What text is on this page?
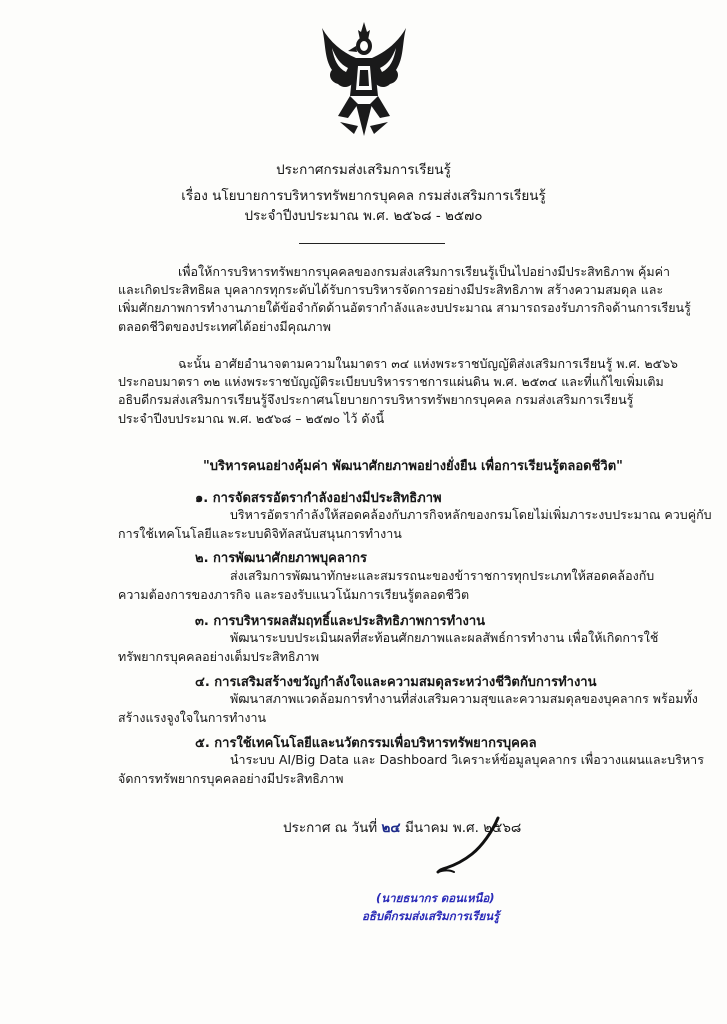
ประกาศกรมส่งเสริมการเรียนรู้
เรื่อง นโยบายการบริหารทรัพยากรบุคคล กรมส่งเสริมการเรียนรู้
ประจำปีงบประมาณ พ.ศ. ๒๕๖๘ - ๒๕๗๐
เพื่อให้การบริหารทรัพยากรบุคคลของกรมส่งเสริมการเรียนรู้เป็นไปอย่างมีประสิทธิภาพ คุ้มค่า
และเกิดประสิทธิผล บุคลากรทุกระดับได้รับการบริหารจัดการอย่างมีประสิทธิภาพ สร้างความสมดุล และ
เพิ่มศักยภาพการทำงานภายใต้ข้อจำกัดด้านอัตรากำลังและงบประมาณ สามารถรองรับภารกิจด้านการเรียนรู้
ตลอดชีวิตของประเทศได้อย่างมีคุณภาพ
ฉะนั้น อาศัยอำนาจตามความในมาตรา ๓๔ แห่งพระราชบัญญัติส่งเสริมการเรียนรู้ พ.ศ. ๒๕๖๖
ประกอบมาตรา ๓๒ แห่งพระราชบัญญัติระเบียบบริหารราชการแผ่นดิน พ.ศ. ๒๕๓๔ และที่แก้ไขเพิ่มเติม
อธิบดีกรมส่งเสริมการเรียนรู้จึงประกาศนโยบายการบริหารทรัพยากรบุคคล กรมส่งเสริมการเรียนรู้
ประจำปีงบประมาณ พ.ศ. ๒๕๖๘ – ๒๕๗๐ ไว้ ดังนี้
"บริหารคนอย่างคุ้มค่า พัฒนาศักยภาพอย่างยั่งยืน เพื่อการเรียนรู้ตลอดชีวิต"
๑. การจัดสรรอัตรากำลังอย่างมีประสิทธิภาพ
บริหารอัตรากำลังให้สอดคล้องกับภารกิจหลักของกรมโดยไม่เพิ่มภาระงบประมาณ ควบคู่กับ
การใช้เทคโนโลยีและระบบดิจิทัลสนับสนุนการทำงาน
๒. การพัฒนาศักยภาพบุคลากร
ส่งเสริมการพัฒนาทักษะและสมรรถนะของข้าราชการทุกประเภทให้สอดคล้องกับ
ความต้องการของภารกิจ และรองรับแนวโน้มการเรียนรู้ตลอดชีวิต
๓. การบริหารผลสัมฤทธิ์และประสิทธิภาพการทำงาน
พัฒนาระบบประเมินผลที่สะท้อนศักยภาพและผลสัพธ์การทำงาน เพื่อให้เกิดการใช้
ทรัพยากรบุคคลอย่างเต็มประสิทธิภาพ
๔. การเสริมสร้างขวัญกำลังใจและความสมดุลระหว่างชีวิตกับการทำงาน
พัฒนาสภาพแวดล้อมการทำงานที่ส่งเสริมความสุขและความสมดุลของบุคลากร พร้อมทั้ง
สร้างแรงจูงใจในการทำงาน
๕. การใช้เทคโนโลยีและนวัตกรรมเพื่อบริหารทรัพยากรบุคคล
นำระบบ AI/Big Data และ Dashboard วิเคราะห์ข้อมูลบุคลากร เพื่อวางแผนและบริหาร
จัดการทรัพยากรบุคคลอย่างมีประสิทธิภาพ
ประกาศ ณ วันที่ ๒๔ มีนาคม พ.ศ. ๒๕๖๘
(นายธนากร ดอนเหนือ)
อธิบดีกรมส่งเสริมการเรียนรู้
